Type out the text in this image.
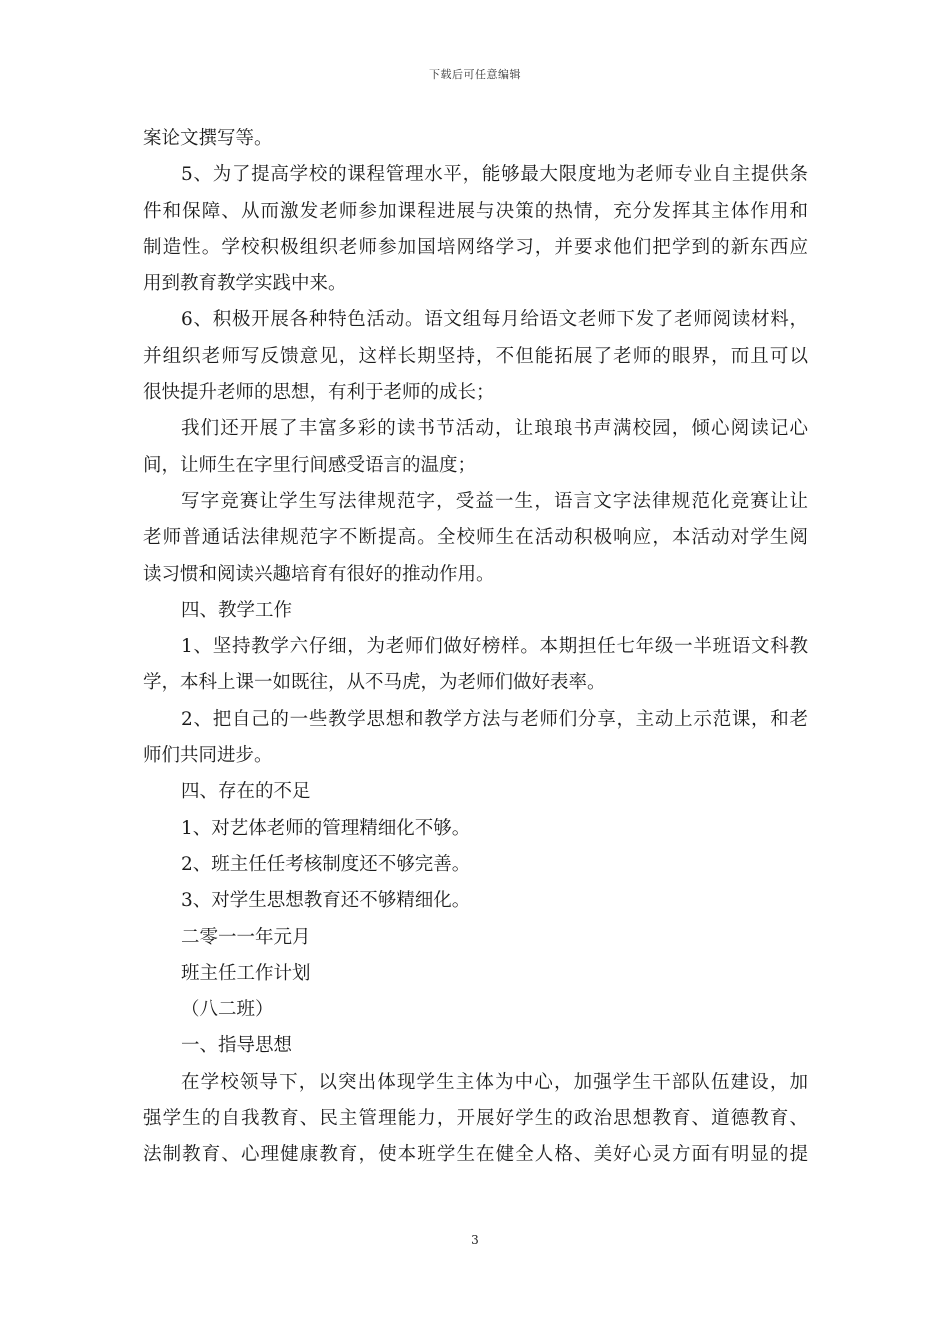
下载后可任意编辑
案论文撰写等。
5、为了提高学校的课程管理水平，能够最大限度地为老师专业自主提供条
件和保障、从而激发老师参加课程进展与决策的热情，充分发挥其主体作用和
制造性。学校积极组织老师参加国培网络学习，并要求他们把学到的新东西应
用到教育教学实践中来。
6、积极开展各种特色活动。语文组每月给语文老师下发了老师阅读材料，
并组织老师写反馈意见，这样长期坚持，不但能拓展了老师的眼界，而且可以
很快提升老师的思想，有利于老师的成长；
我们还开展了丰富多彩的读书节活动，让琅琅书声满校园，倾心阅读记心
间，让师生在字里行间感受语言的温度；
写字竞赛让学生写法律规范字，受益一生，语言文字法律规范化竞赛让让
老师普通话法律规范字不断提高。全校师生在活动积极响应，本活动对学生阅
读习惯和阅读兴趣培育有很好的推动作用。
四、教学工作
1、坚持教学六仔细，为老师们做好榜样。本期担任七年级一半班语文科教
学，本科上课一如既往，从不马虎，为老师们做好表率。
2、把自己的一些教学思想和教学方法与老师们分享，主动上示范课，和老
师们共同进步。
四、存在的不足
1、对艺体老师的管理精细化不够。
2、班主任任考核制度还不够完善。
3、对学生思想教育还不够精细化。
二零一一年元月
班主任工作计划
（八二班）
一、指导思想
在学校领导下，以突出体现学生主体为中心，加强学生干部队伍建设，加
强学生的自我教育、民主管理能力，开展好学生的政治思想教育、道德教育、
法制教育、心理健康教育，使本班学生在健全人格、美好心灵方面有明显的提
3
